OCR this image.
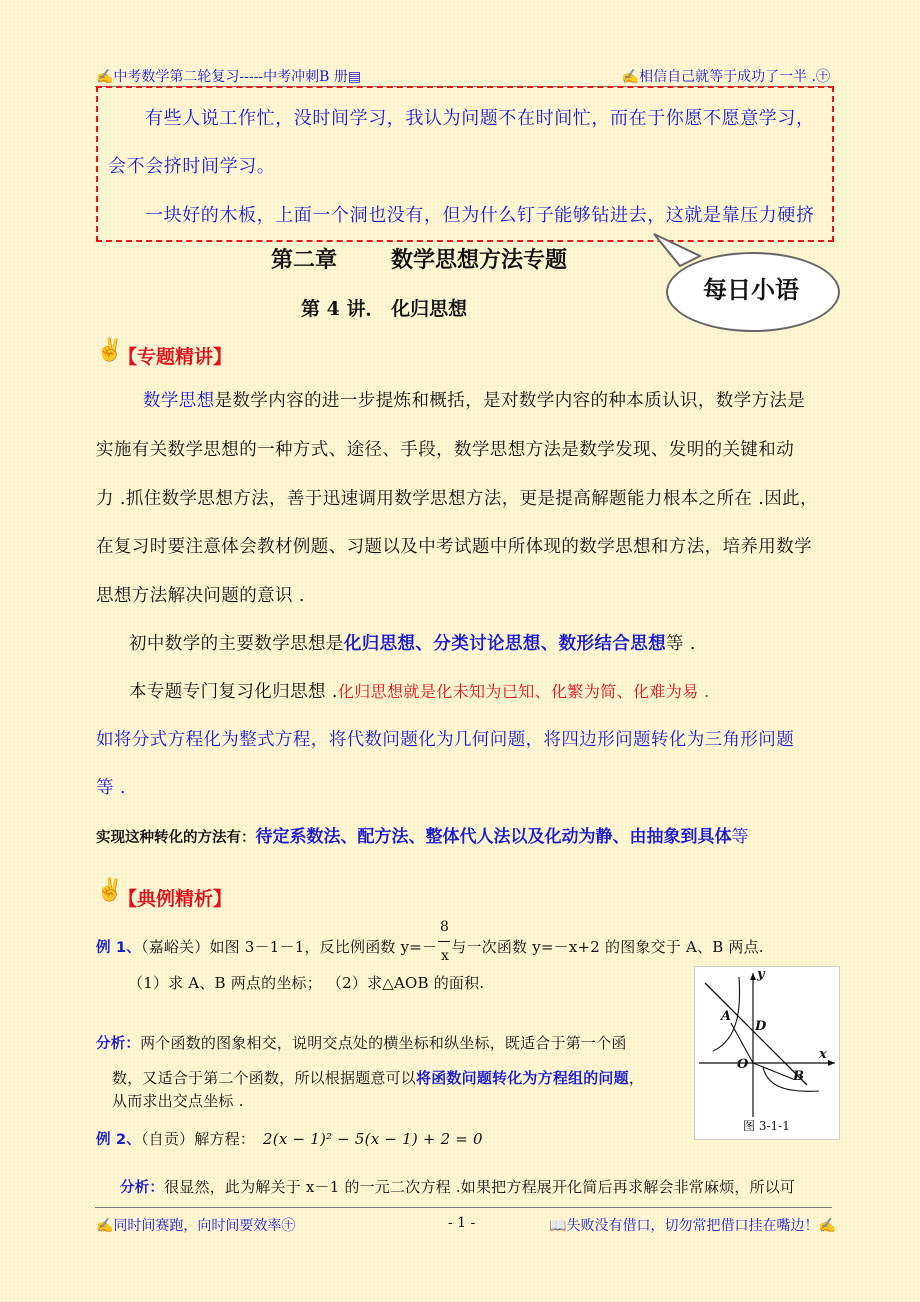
✍中考数学第二轮复习-----中考冲刺B 册▤	✍相信自己就等于成功了一半 .㊉
有些人说工作忙，没时间学习，我认为问题不在时间忙，而在于你愿不愿意学习，
会不会挤时间学习。
一块好的木板，上面一个洞也没有，但为什么钉子能够钻进去，这就是靠压力硬挤
每日小语
第二章 数学思想方法专题
第 4 讲． 化归思想
✌
【专题精讲】
数学思想是数学内容的进一步提炼和概括，是对数学内容的种本质认识，数学方法是
实施有关数学思想的一种方式、途径、手段，数学思想方法是数学发现、发明的关键和动
力 .抓住数学思想方法，善于迅速调用数学思想方法，更是提高解题能力根本之所在 .因此，
在复习时要注意体会教材例题、习题以及中考试题中所体现的数学思想和方法，培养用数学
思想方法解决问题的意识 .
初中数学的主要数学思想是化归思想、分类讨论思想、数形结合思想等 .
本专题专门复习化归思想 .化归思想就是化未知为已知、化繁为简、化难为易 .
如将分式方程化为整式方程，将代数问题化为几何问题，将四边形问题转化为三角形问题
等 .
实现这种转化的方法有：待定系数法、配方法、整体代人法以及化动为静、由抽象到具体等
✌
【典例精析】
例 1、（嘉峪关）如图 3－1－1，反比例函数 y=－ 与一次函数 y=－x+2 的图象交于 A、B 两点.
8
x
（1）求 A、B 两点的坐标； （2）求△AOB 的面积.
分析：两个函数的图象相交，说明交点处的横坐标和纵坐标，既适合于第一个函
数，又适合于第二个函数，所以根据题意可以将函数问题转化为方程组的问题，
从而求出交点坐标 .
例 2、（自贡）解方程： 2(x − 1)² − 5(x − 1) + 2 = 0
分析：很显然，此为解关于 x－1 的一元二次方程 .如果把方程展开化简后再求解会非常麻烦，所以可
x
y
A
B
D
O
图 3-1-1
✍同时间赛跑，向时间要效率㊉	- 1 -	📖失败没有借口，切勿常把借口挂在嘴边！✍
